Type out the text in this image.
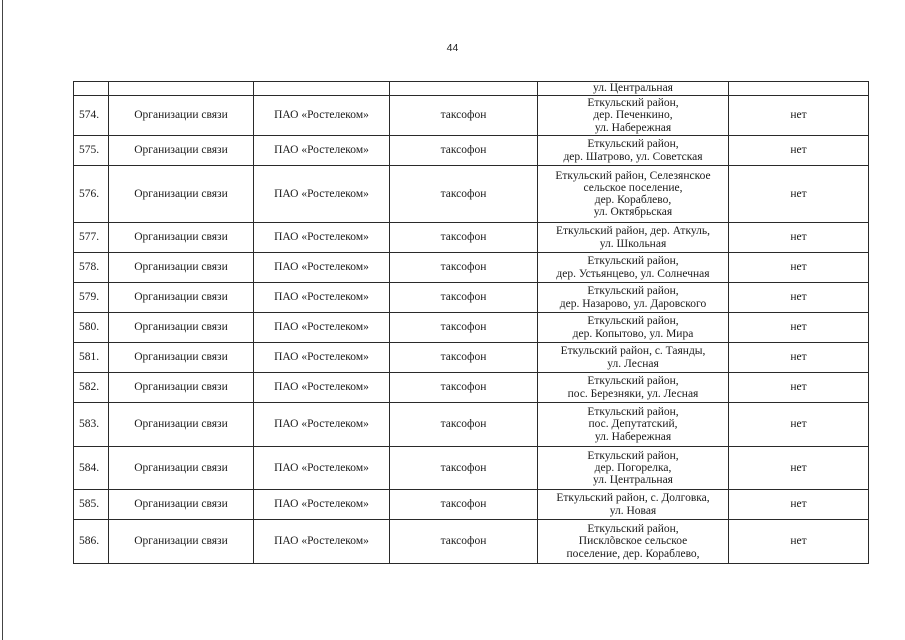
44

				ул. Центральная	

574.	Организации связи	ПАО «Ростелеком»	таксофон	Еткульский район,
дер. Печенкино,
ул. Набережная	нет
575.	Организации связи	ПАО «Ростелеком»	таксофон	Еткульский район,
дер. Шатрово, ул. Советская	нет
576.	Организации связи	ПАО «Ростелеком»	таксофон	Еткульский район, Селезянское
сельское поселение,
дер. Кораблево,
ул. Октябрьская	нет
577.	Организации связи	ПАО «Ростелеком»	таксофон	Еткульский район, дер. Аткуль,
ул. Школьная	нет
578.	Организации связи	ПАО «Ростелеком»	таксофон	Еткульский район,
дер. Устьянцево, ул. Солнечная	нет
579.	Организации связи	ПАО «Ростелеком»	таксофон	Еткульский район,
дер. Назарово, ул. Даровского	нет
580.	Организации связи	ПАО «Ростелеком»	таксофон	Еткульский район,
дер. Копытово, ул. Мира	нет
581.	Организации связи	ПАО «Ростелеком»	таксофон	Еткульский район, с. Таянды,
ул. Лесная	нет
582.	Организации связи	ПАО «Ростелеком»	таксофон	Еткульский район,
пос. Березняки, ул. Лесная	нет
583.	Организации связи	ПАО «Ростелеком»	таксофон	Еткульский район,
пос. Депутатский,
ул. Набережная	нет
584.	Организации связи	ПАО «Ростелеком»	таксофон	Еткульский район,
дер. Погорелка,
ул. Центральная	нет
585.	Организации связи	ПАО «Ростелеком»	таксофон	Еткульский район, с. Долговка,
ул. Новая	нет
586.	Организации связи	ПАО «Ростелеком»	таксофон	Еткульский район,
Писклõвское сельское
поселение, дер. Кораблево,	нет
